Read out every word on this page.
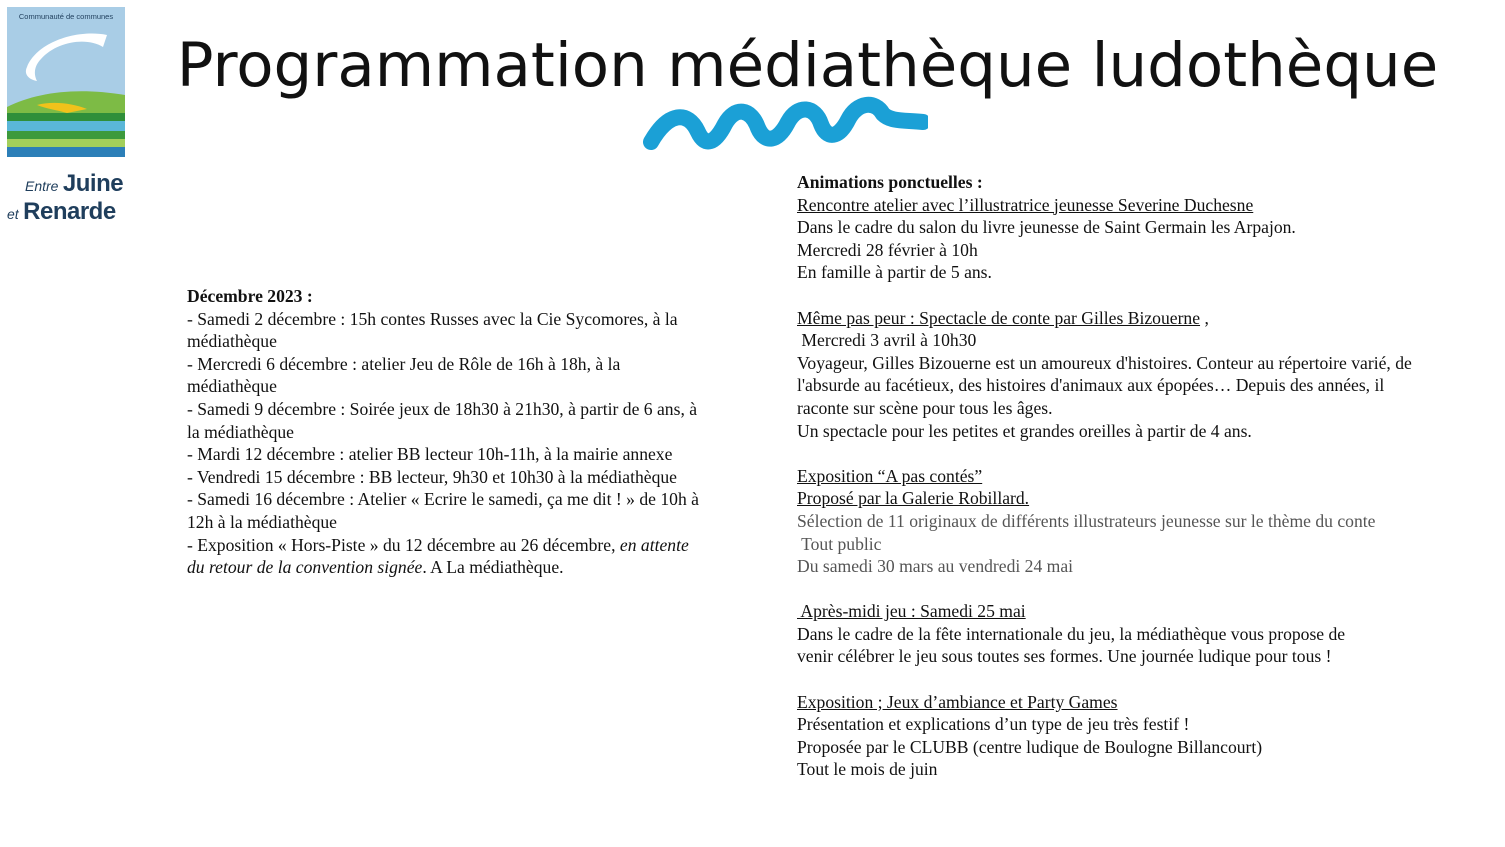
Communauté de communes
Entre Juine
et Renarde
Programmation médiathèque ludothèque

Décembre 2023 :

- Samedi 2 décembre : 15h contes Russes avec la Cie Sycomores, à la médiathèque

- Mercredi 6 décembre : atelier Jeu de Rôle de 16h à 18h, à la médiathèque

- Samedi 9 décembre : Soirée jeux de 18h30 à 21h30, à partir de 6 ans, à la médiathèque

- Mardi 12 décembre : atelier BB lecteur 10h-11h, à la mairie annexe

- Vendredi 15 décembre : BB lecteur, 9h30 et 10h30 à la médiathèque

- Samedi 16 décembre : Atelier « Ecrire le samedi, ça me dit ! » de 10h à 12h à la médiathèque

- Exposition « Hors-Piste » du 12 décembre au 26 décembre, en attente du retour de la convention signée. A La médiathèque.

Animations ponctuelles :

Rencontre atelier avec l’illustratrice jeunesse Severine Duchesne

Dans le cadre du salon du livre jeunesse de Saint Germain les Arpajon.

Mercredi 28 février à 10h

En famille à partir de 5 ans.

Même pas peur : Spectacle de conte par Gilles Bizouerne ,

Mercredi 3 avril à 10h30

Voyageur, Gilles Bizouerne est un amoureux d'histoires. Conteur au répertoire varié, de l'absurde au facétieux, des histoires d'animaux aux épopées… Depuis des années, il raconte sur scène pour tous les âges.

Un spectacle pour les petites et grandes oreilles à partir de 4 ans.

Exposition “A pas contés”

Proposé par la Galerie Robillard.

Sélection de 11 originaux de différents illustrateurs jeunesse sur le thème du conte

Tout public

Du samedi 30 mars au vendredi 24 mai

Après-midi jeu : Samedi 25 mai

Dans le cadre de la fête internationale du jeu, la médiathèque vous propose de venir célébrer le jeu sous toutes ses formes. Une journée ludique pour tous !

Exposition ; Jeux d’ambiance et Party Games

Présentation et explications d’un type de jeu très festif !

Proposée par le CLUBB (centre ludique de Boulogne Billancourt)

Tout le mois de juin
